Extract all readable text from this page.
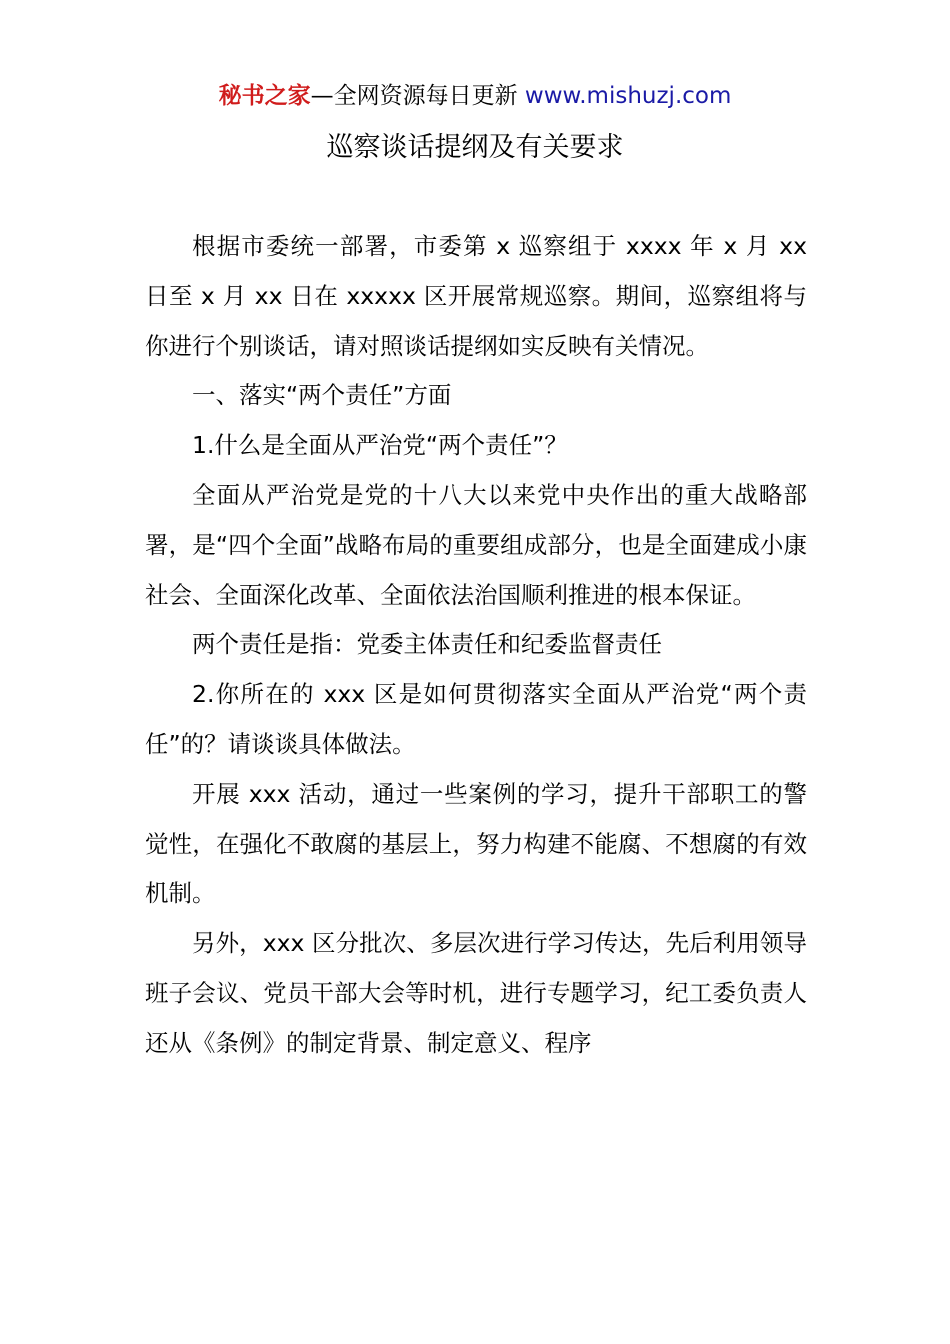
秘书之家—全网资源每日更新 www.mishuzj.com
巡察谈话提纲及有关要求

根据市委统一部署，市委第 x 巡察组于 xxxx 年 x 月 xx 日至 x 月 xx 日在 xxxxx 区开展常规巡察。期间，巡察组将与你进行个别谈话，请对照谈话提纲如实反映有关情况。

一、落实“两个责任”方面

1.什么是全面从严治党“两个责任”？

全面从严治党是党的十八大以来党中央作出的重大战略部署，是“四个全面”战略布局的重要组成部分，也是全面建成小康社会、全面深化改革、全面依法治国顺利推进的根本保证。

两个责任是指：党委主体责任和纪委监督责任

2.你所在的 xxx 区是如何贯彻落实全面从严治党“两个责任”的？请谈谈具体做法。

开展 xxx 活动，通过一些案例的学习，提升干部职工的警觉性，在强化不敢腐的基层上，努力构建不能腐、不想腐的有效机制。

另外，xxx 区分批次、多层次进行学习传达，先后利用领导班子会议、党员干部大会等时机，进行专题学习，纪工委负责人还从《条例》的制定背景、制定意义、程序
